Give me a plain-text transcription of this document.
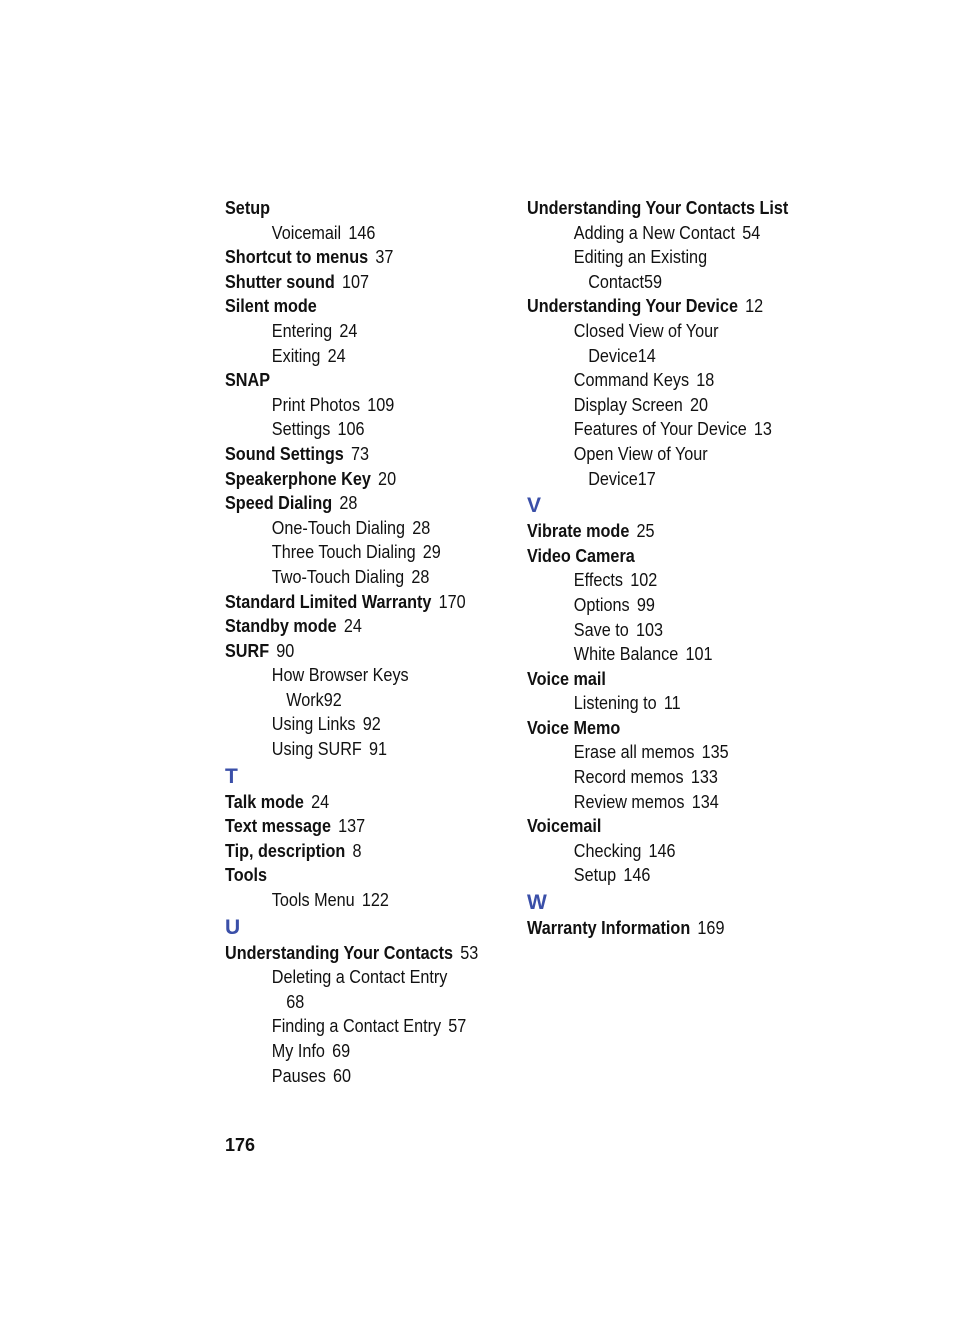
Setup
Voicemail 146
Shortcut to menus 37
Shutter sound 107
Silent mode
Entering 24
Exiting 24
SNAP
Print Photos 109
Settings 106
Sound Settings 73
Speakerphone Key 20
Speed Dialing 28
One-Touch Dialing 28
Three Touch Dialing 29
Two-Touch Dialing 28
Standard Limited Warranty 170
Standby mode 24
SURF 90
How Browser Keys
Work92
Using Links 92
Using SURF 91
T
Talk mode 24
Text message 137
Tip, description 8
Tools
Tools Menu 122
U
Understanding Your Contacts 53
Deleting a Contact Entry
68
Finding a Contact Entry 57
My Info 69
Pauses 60
Understanding Your Contacts List
Adding a New Contact 54
Editing an Existing
Contact59
Understanding Your Device 12
Closed View of Your
Device14
Command Keys 18
Display Screen 20
Features of Your Device 13
Open View of Your
Device17
V
Vibrate mode 25
Video Camera
Effects 102
Options 99
Save to 103
White Balance 101
Voice mail
Listening to 11
Voice Memo
Erase all memos 135
Record memos 133
Review memos 134
Voicemail
Checking 146
Setup 146
W
Warranty Information 169
176
